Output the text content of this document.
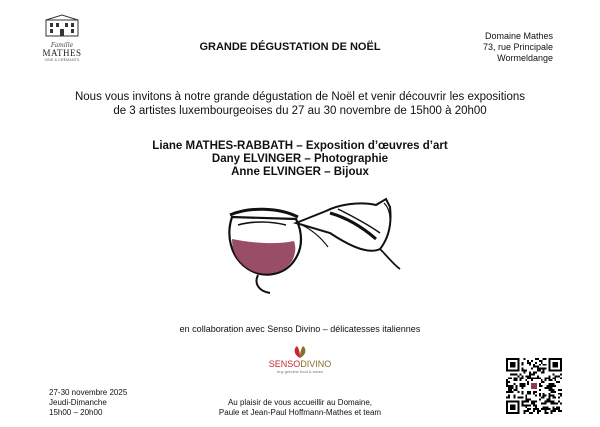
Famille
MATHES
VINS & CRÉMANTS
GRANDE DÉGUSTATION DE NOËL
Domaine Mathes
73, rue Principale
Wormeldange
Nous vous invitons à notre grande dégustation de Noël et venir découvrir les expositions
de 3 artistes luxembourgeoises du 27 au 30 novembre de 15h00 à 20h00
Liane MATHES-RABBATH – Exposition d’œuvres d’art
Dany ELVINGER – Photographie
Anne ELVINGER – Bijoux
en collaboration avec Senso Divino – délicatesses italiennes
SENSODIVINO
buy genuine food & wines
27-30 novembre 2025
Jeudi-Dimanche
15h00 – 20h00
Au plaisir de vous accueillir au Domaine,
Paule et Jean-Paul Hoffmann-Mathes et team
